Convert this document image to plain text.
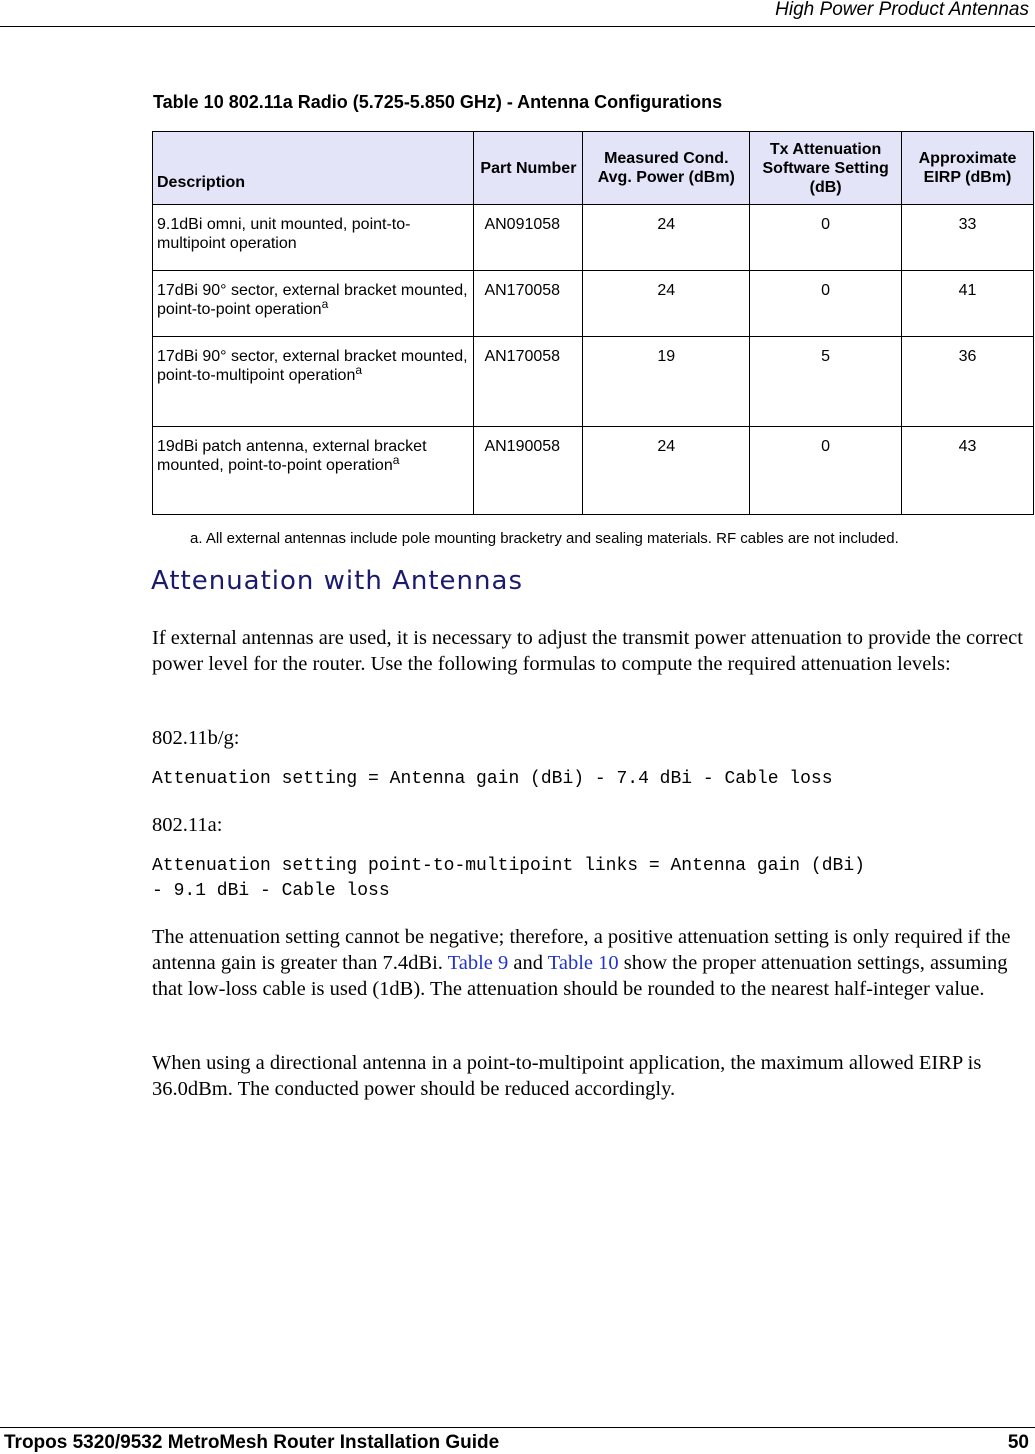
High Power Product Antennas
Table 10 802.11a Radio (5.725-5.850 GHz) - Antenna Configurations
Description	Part Number	Measured Cond. Avg. Power (dBm)	Tx Attenuation Software Setting (dB)	Approximate EIRP (dBm)
9.1dBi omni, unit mounted, point-to-multipoint operation	AN091058	24	0	33
17dBi 90° sector, external bracket mounted, point-to-point operation$^a$	AN170058	24	0	41
17dBi 90° sector, external bracket mounted, point-to-multipoint operation$^a$	AN170058	19	5	36
19dBi patch antenna, external bracket mounted, point-to-point operation$^a$	AN190058	24	0	43
a. All external antennas include pole mounting bracketry and sealing materials. RF cables are not included.
Attenuation with Antennas
If external antennas are used, it is necessary to adjust the transmit power attenuation to provide the correct power level for the router. Use the following formulas to compute the required attenuation levels:
802.11b/g:
Attenuation setting = Antenna gain (dBi) - 7.4 dBi - Cable loss
802.11a:
Attenuation setting point-to-multipoint links = Antenna gain (dBi)
- 9.1 dBi - Cable loss
The attenuation setting cannot be negative; therefore, a positive attenuation setting is only required if the antenna gain is greater than 7.4dBi. Table 9 and Table 10 show the proper attenuation settings, assuming that low-loss cable is used (1dB). The attenuation should be rounded to the nearest half-integer value.
When using a directional antenna in a point-to-multipoint application, the maximum allowed EIRP is 36.0dBm. The conducted power should be reduced accordingly.
Tropos 5320/9532 MetroMesh Router Installation Guide	50
